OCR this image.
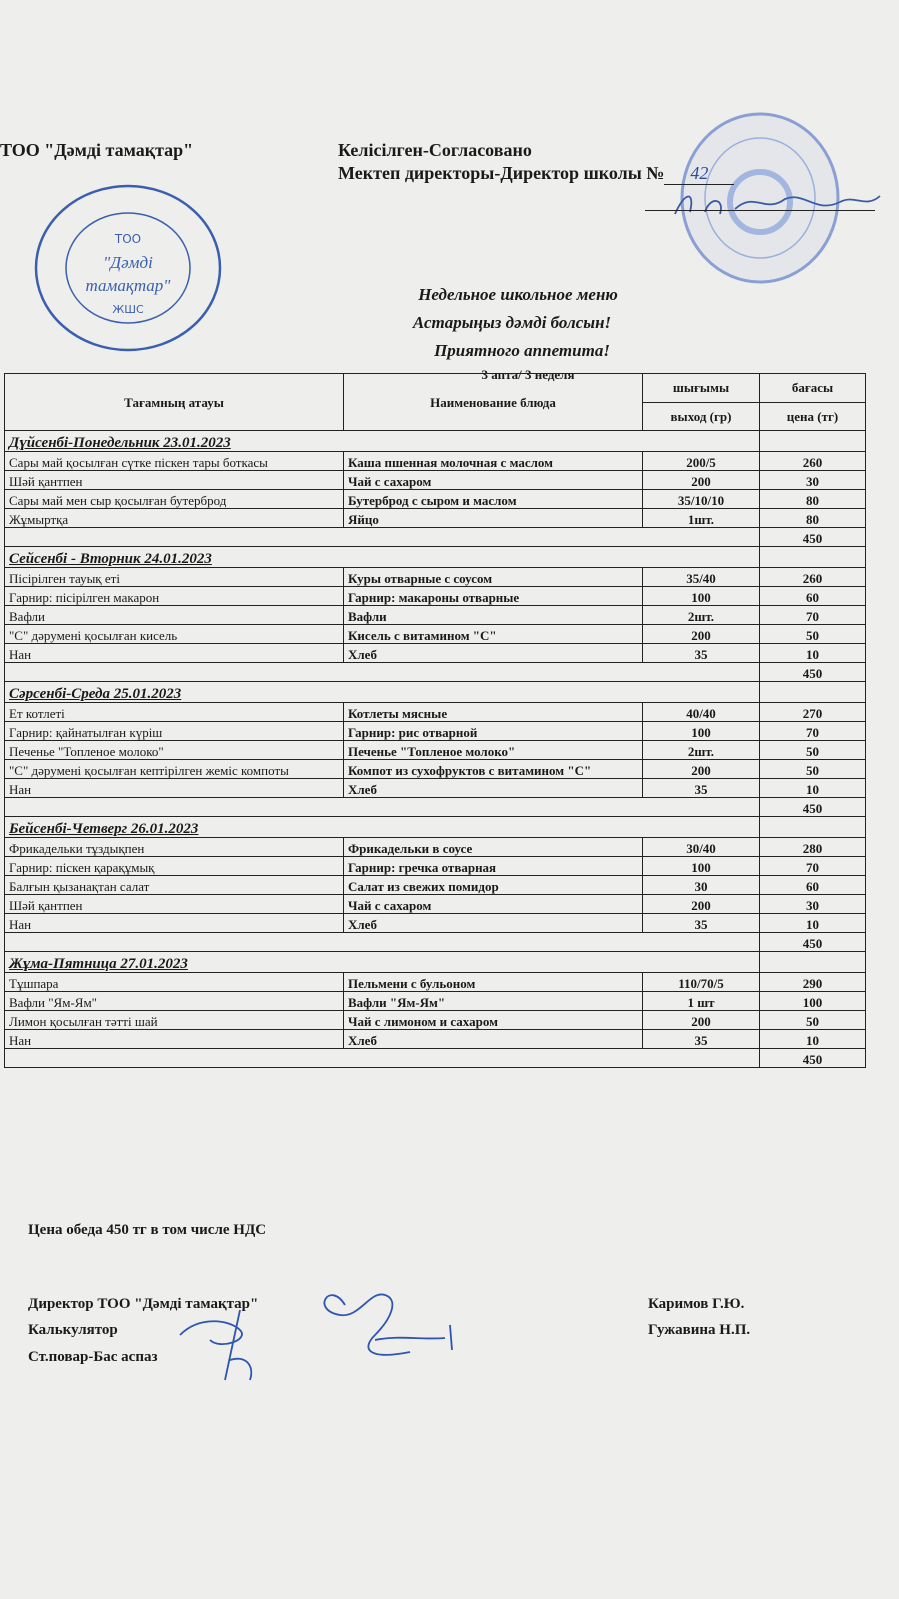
ТОО "Дәмді тамақтар"	Келісілген-Согласовано
ТОО
"Дәмді
тамақтар"
ЖШС
Мектеп директоры-Директор школы № 42
Недельное школьное меню
Астарыңыз дәмді болсын!
Приятного аппетита!
3 апта/ 3 неделя
Тағамның атауы	Наименование блюда	шығымы	бағасы
		выход (гр)	цена (тг)
Дүйсенбі-Понедельник 23.01.2023			
Сары май қосылған сүтке піскен тары боткасы	Каша пшенная молочная с маслом	200/5	260
Шәй қантпен	Чай с сахаром	200	30
Сары май мен сыр қосылған бутерброд	Бутерброд с сыром и маслом	35/10/10	80
Жұмыртқа	Яйцо	1шт.	80
			450
Сейсенбі - Вторник 24.01.2023			
Пісірілген тауық еті	Куры отварные с соусом	35/40	260
Гарнир: пісірілген макарон	Гарнир: макароны отварные	100	60
Вафли	Вафли	2шт.	70
"С" дәрумені қосылған кисель	Кисель с витамином "С"	200	50
Нан	Хлеб	35	10
			450
Сәрсенбі-Среда 25.01.2023			
Ет котлеті	Котлеты мясные	40/40	270
Гарнир: қайнатылған күріш	Гарнир: рис отварной	100	70
Печенье "Топленое молоко"	Печенье "Топленое молоко"	2шт.	50
"С" дәрумені қосылған кептірілген жеміс компоты	Компот из сухофруктов с витамином "С"	200	50
Нан	Хлеб	35	10
			450
Бейсенбі-Четверг 26.01.2023			
Фрикадельки тұздықпен	Фрикадельки в соусе	30/40	280
Гарнир: піскен қарақұмық	Гарнир: гречка отварная	100	70
Балғын қызанақтан салат	Салат из свежих помидор	30	60
Шәй қантпен	Чай с сахаром	200	30
Нан	Хлеб	35	10
			450
Жұма-Пятница 27.01.2023			
Тұшпара	Пельмени с бульоном	110/70/5	290
Вафли "Ям-Ям"	Вафли "Ям-Ям"	1 шт	100
Лимон қосылған тәтті шай	Чай с лимоном и сахаром	200	50
Нан	Хлеб	35	10
			450
Цена обеда 450 тг в том числе НДС
Директор ТОО "Дәмді тамақтар"
Калькулятор
Ст.повар-Бас аспаз
Каримов Г.Ю.
Гужавина Н.П.
